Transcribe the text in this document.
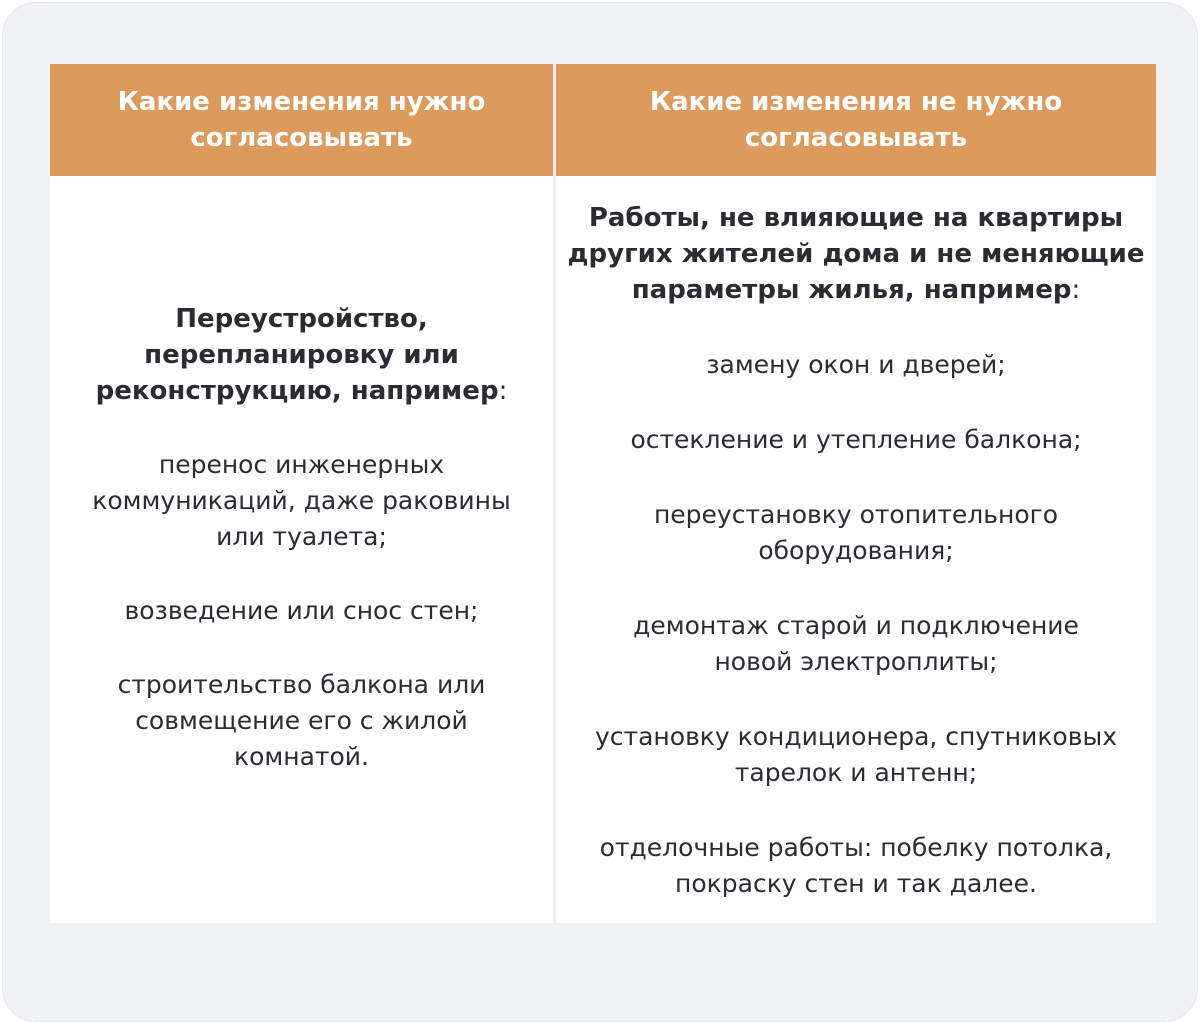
Какие изменения нужно согласовывать
Какие изменения не нужно согласовывать

Переустройство, перепланировку или реконструкцию, например:

перенос инженерных коммуникаций, даже раковины или туалета;

возведение или снос стен;

строительство балкона или совмещение его с жилой комнатой.

Работы, не влияющие на квартиры других жителей дома и не меняющие параметры жилья, например:

замену окон и дверей;

остекление и утепление балкона;

переустановку отопительного оборудования;

демонтаж старой и подключение новой электроплиты;

установку кондиционера, спутниковых тарелок и антенн;

отделочные работы: побелку потолка, покраску стен и так далее.
